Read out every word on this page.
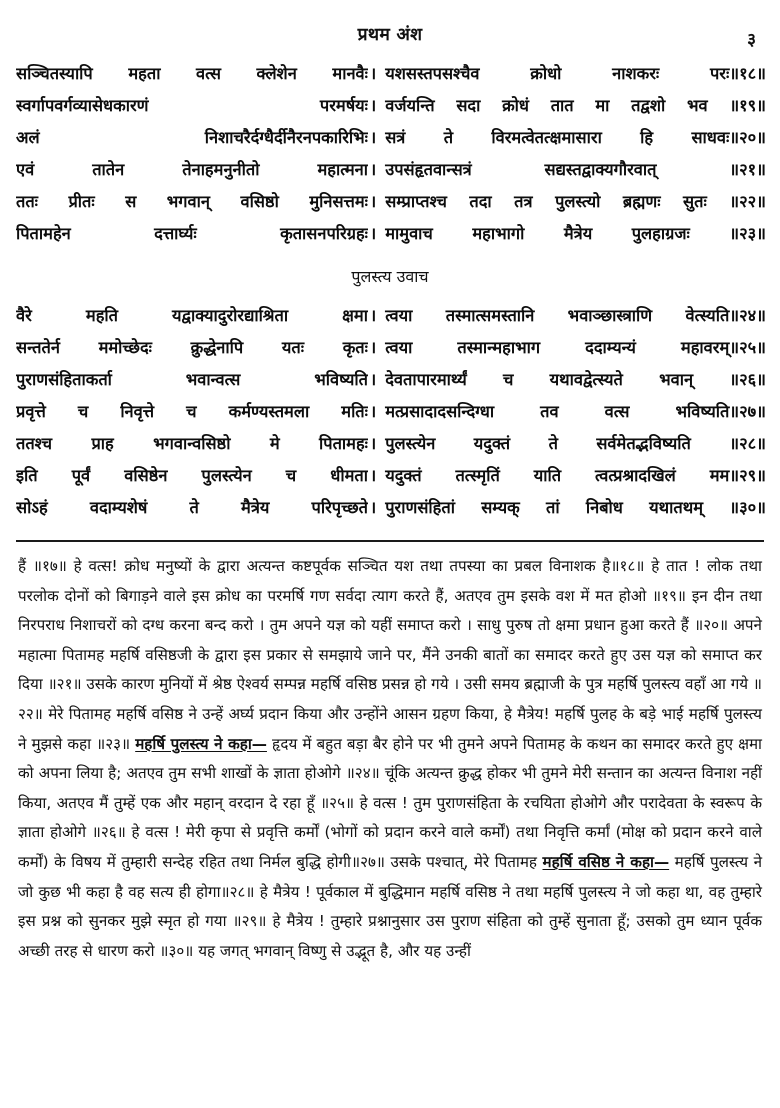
प्रथम अंश	३
सञ्चितस्यापि महता वत्स क्लेशेन मानवैः । यशसस्तपसश्चैव	क्रोधो	नाशकरः	परः॥१८॥
स्वर्गापवर्गव्यासेधकारणं	परमर्षयः । वर्जयन्ति सदा क्रोधं तात मा तद्वशो भव ॥१९॥
अलं	निशाचरैर्दग्धैर्दीनैरनपकारिभिः । सत्रं ते विरमत्वेतत्क्षमासारा हि साधवः॥२०॥
एवं	तातेन	तेनाहमनुनीतो	महात्मना । उपसंहृतवान्सत्रं	सद्यस्तद्वाक्यगौरवात्	॥२१॥
ततः प्रीतः स भगवान् वसिष्ठो मुनिसत्तमः । सम्प्राप्तश्च तदा तत्र पुलस्त्यो ब्रह्मणः सुतः ॥२२॥
पितामहेन	दत्तार्घ्यः	कृतासनपरिग्रहः । मामुवाच महाभागो मैत्रेय पुलहाग्रजः ॥२३॥
पुलस्त्य उवाच
वैरे	महति	यद्वाक्यादुरोरद्याश्रिता	क्षमा । त्वया तस्मात्समस्तानि भवाञ्छास्त्राणि वेत्स्यति॥२४॥
सन्ततेर्न ममोच्छेदः क्रुद्धेनापि यतः कृतः । त्वया	तस्मान्महाभाग	ददाम्यन्यं	महावरम्॥२५॥
पुराणसंहिताकर्ता	भवान्वत्स	भविष्यति । देवतापारमार्थ्यं च यथावद्वेत्स्यते भवान् ॥२६॥
प्रवृत्ते च निवृत्ते च कर्मण्यस्तमला मतिः । मत्प्रसादादसन्दिग्धा	तव	वत्स	भविष्यति॥२७॥
ततश्च प्राह भगवान्वसिष्ठो मे पितामहः । पुलस्त्येन यदुक्तं ते सर्वमेतद्भविष्यति ॥२८॥
इति पूर्वं वसिष्ठेन पुलस्त्येन च धीमता । यदुक्तं तत्स्मृतिं याति त्वत्प्रश्रादखिलं मम॥२९॥
सोऽहं	वदाम्यशेषं	ते	मैत्रेय	परिपृच्छते । पुराणसंहितां सम्यक् तां निबोध यथातथम् ॥३०॥

हैं ॥१७॥ हे वत्स! क्रोध मनुष्यों के द्वारा अत्यन्त कष्टपूर्वक सञ्चित यश तथा तपस्या का प्रबल विनाशक है॥१८॥ हे तात ! लोक तथा परलोक दोनों को बिगाड़ने वाले इस क्रोध का परमर्षि गण सर्वदा त्याग करते हैं, अतएव तुम इसके वश में मत होओ ॥१९॥ इन दीन तथा निरपराध निशाचरों को दग्ध करना बन्द करो । तुम अपने यज्ञ को यहीं समाप्त करो । साधु पुरुष तो क्षमा प्रधान हुआ करते हैं ॥२०॥ अपने महात्मा पितामह महर्षि वसिष्ठजी के द्वारा इस प्रकार से समझाये जाने पर, मैंने उनकी बातों का समादर करते हुए उस यज्ञ को समाप्त कर दिया ॥२१॥ उसके कारण मुनियों में श्रेष्ठ ऐश्वर्य सम्पन्न महर्षि वसिष्ठ प्रसन्न हो गये । उसी समय ब्रह्माजी के पुत्र महर्षि पुलस्त्य वहाँ आ गये ॥२२॥ मेरे पितामह महर्षि वसिष्ठ ने उन्हें अर्घ्य प्रदान किया और उन्होंने आसन ग्रहण किया, हे मैत्रेय! महर्षि पुलह के बड़े भाई महर्षि पुलस्त्य ने मुझसे कहा ॥२३॥ महर्षि पुलस्त्य ने कहा— हृदय में बहुत बड़ा बैर होने पर भी तुमने अपने पितामह के कथन का समादर करते हुए क्षमा को अपना लिया है; अतएव तुम सभी शाखों के ज्ञाता होओगे ॥२४॥ चूंकि अत्यन्त क्रुद्ध होकर भी तुमने मेरी सन्तान का अत्यन्त विनाश नहीं किया, अतएव मैं तुम्हें एक और महान् वरदान दे रहा हूँ ॥२५॥ हे वत्स ! तुम पुराणसंहिता के रचयिता होओगे और परादेवता के स्वरूप के ज्ञाता होओगे ॥२६॥ हे वत्स ! मेरी कृपा से प्रवृत्ति कर्मों (भोगों को प्रदान करने वाले कर्मों) तथा निवृत्ति कर्मां (मोक्ष को प्रदान करने वाले कर्मों) के विषय में तुम्हारी सन्देह रहित तथा निर्मल बुद्धि होगी॥२७॥ उसके पश्चात्, मेरे पितामह महर्षि वसिष्ठ ने कहा— महर्षि पुलस्त्य ने जो कुछ भी कहा है वह सत्य ही होगा॥२८॥ हे मैत्रेय ! पूर्वकाल में बुद्धिमान महर्षि वसिष्ठ ने तथा महर्षि पुलस्त्य ने जो कहा था, वह तुम्हारे इस प्रश्न को सुनकर मुझे स्मृत हो गया ॥२९॥ हे मैत्रेय ! तुम्हारे प्रश्नानुसार उस पुराण संहिता को तुम्हें सुनाता हूँ; उसको तुम ध्यान पूर्वक अच्छी तरह से धारण करो ॥३०॥ यह जगत् भगवान् विष्णु से उद्भूत है, और यह उन्हीं
